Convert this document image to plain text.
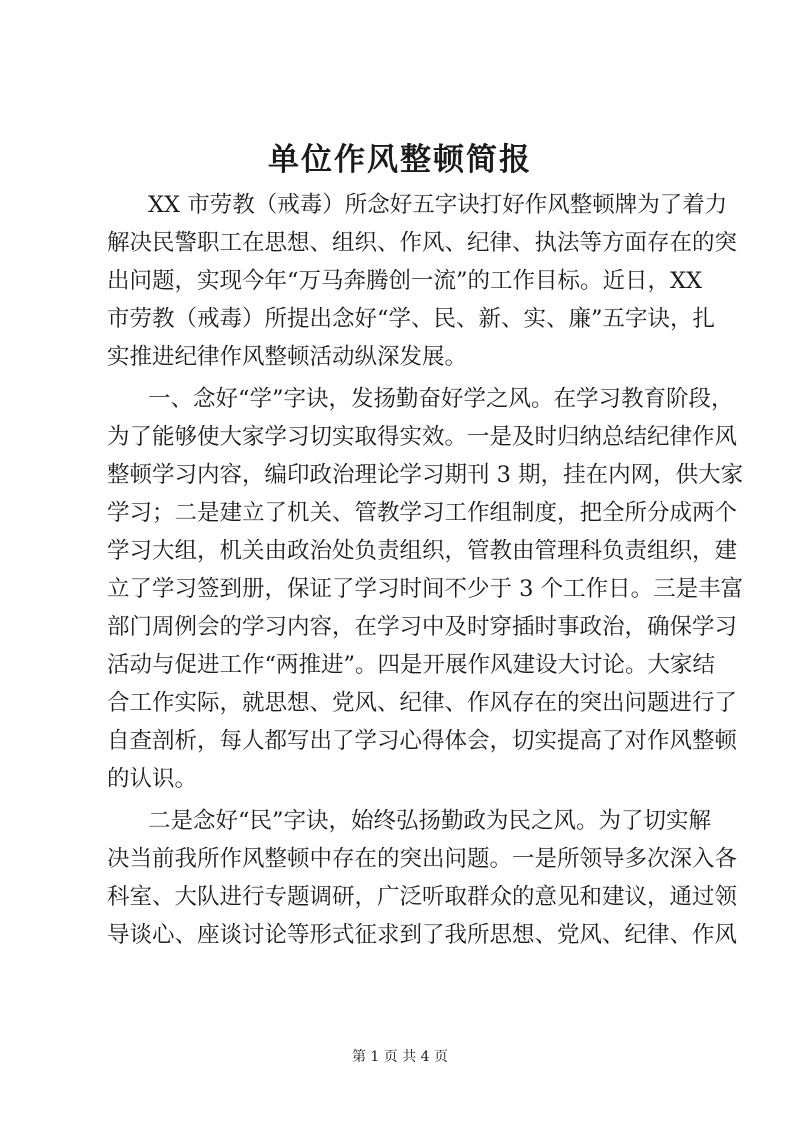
单位作风整顿简报

XX 市劳教（戒毒）所念好五字诀打好作风整顿牌为了着力

解决民警职工在思想、组织、作风、纪律、执法等方面存在的突

出问题，实现今年“万马奔腾创一流”的工作目标。近日，XX

市劳教（戒毒）所提出念好“学、民、新、实、廉”五字诀，扎

实推进纪律作风整顿活动纵深发展。

一、念好“学”字诀，发扬勤奋好学之风。在学习教育阶段，

为了能够使大家学习切实取得实效。一是及时归纳总结纪律作风

整顿学习内容，编印政治理论学习期刊 3 期，挂在内网，供大家

学习；二是建立了机关、管教学习工作组制度，把全所分成两个

学习大组，机关由政治处负责组织，管教由管理科负责组织，建

立了学习签到册，保证了学习时间不少于 3 个工作日。三是丰富

部门周例会的学习内容，在学习中及时穿插时事政治，确保学习

活动与促进工作“两推进”。四是开展作风建设大讨论。大家结

合工作实际，就思想、党风、纪律、作风存在的突出问题进行了

自查剖析，每人都写出了学习心得体会，切实提高了对作风整顿

的认识。

二是念好“民”字诀，始终弘扬勤政为民之风。为了切实解

决当前我所作风整顿中存在的突出问题。一是所领导多次深入各

科室、大队进行专题调研，广泛听取群众的意见和建议，通过领

导谈心、座谈讨论等形式征求到了我所思想、党风、纪律、作风

第 1 页 共 4 页
